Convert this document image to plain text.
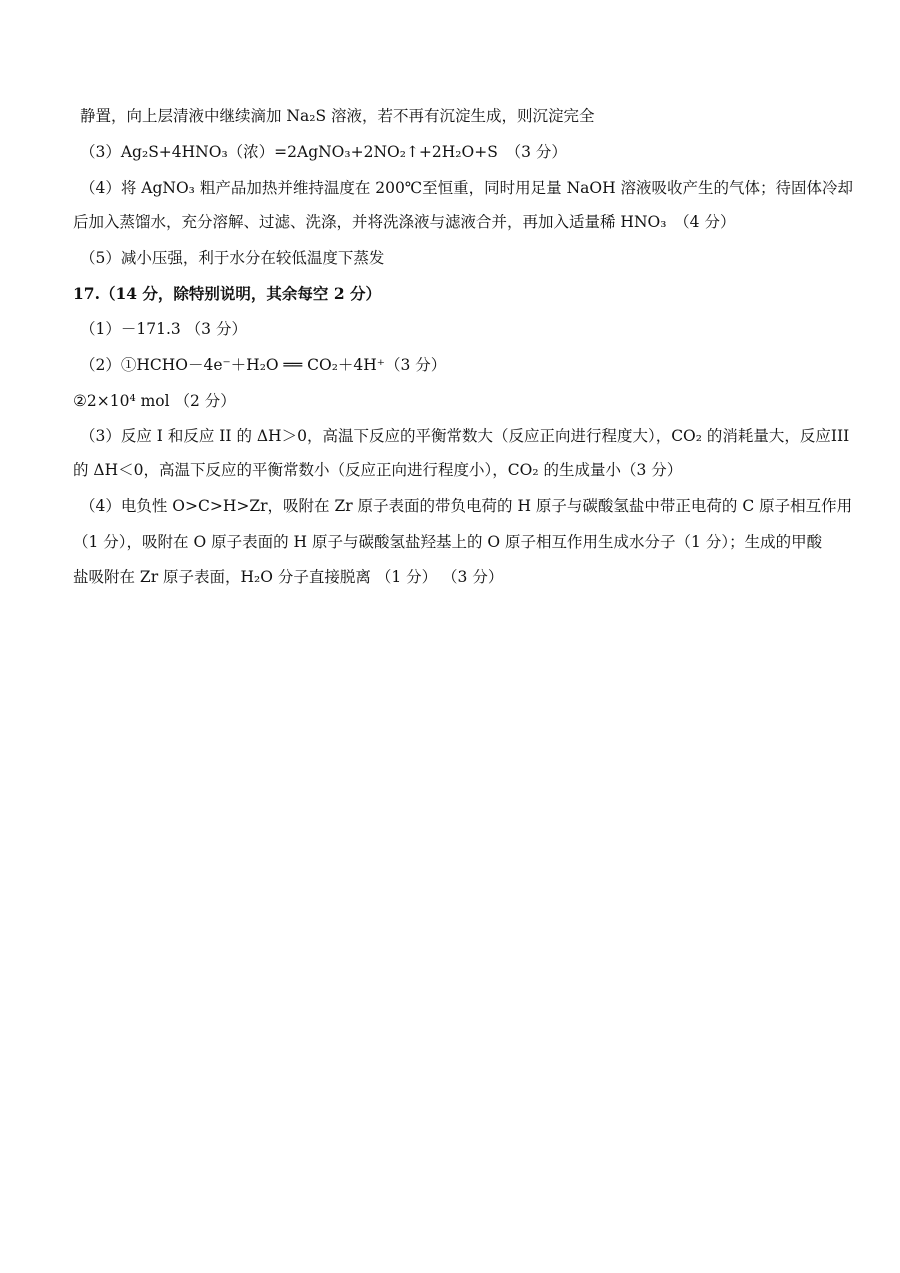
静置，向上层清液中继续滴加 Na₂S 溶液，若不再有沉淀生成，则沉淀完全
（3）Ag₂S+4HNO₃（浓）=2AgNO₃+2NO₂↑+2H₂O+S　（3 分）
（4）将 AgNO₃ 粗产品加热并维持温度在 200℃至恒重，同时用足量 NaOH 溶液吸收产生的气体；待固体冷却
后加入蒸馏水，充分溶解、过滤、洗涤，并将洗涤液与滤液合并，再加入适量稀 HNO₃　（4 分）
（5）减小压强，利于水分在较低温度下蒸发
17.（14 分，除特别说明，其余每空 2 分）
（1）－171.3 （3 分）
（2）①HCHO－4e⁻＋H₂O ══ CO₂＋4H⁺（3 分）
②2×10⁴ mol （2 分）
（3）反应 I 和反应 II 的 ΔH＞0，高温下反应的平衡常数大（反应正向进行程度大），CO₂ 的消耗量大，反应III
的 ΔH＜0，高温下反应的平衡常数小（反应正向进行程度小），CO₂ 的生成量小（3 分）
（4）电负性 O>C>H>Zr，吸附在 Zr 原子表面的带负电荷的 H 原子与碳酸氢盐中带正电荷的 C 原子相互作用
（1 分），吸附在 O 原子表面的 H 原子与碳酸氢盐羟基上的 O 原子相互作用生成水分子（1 分）；生成的甲酸
盐吸附在 Zr 原子表面，H₂O 分子直接脱离 （1 分） （3 分）
